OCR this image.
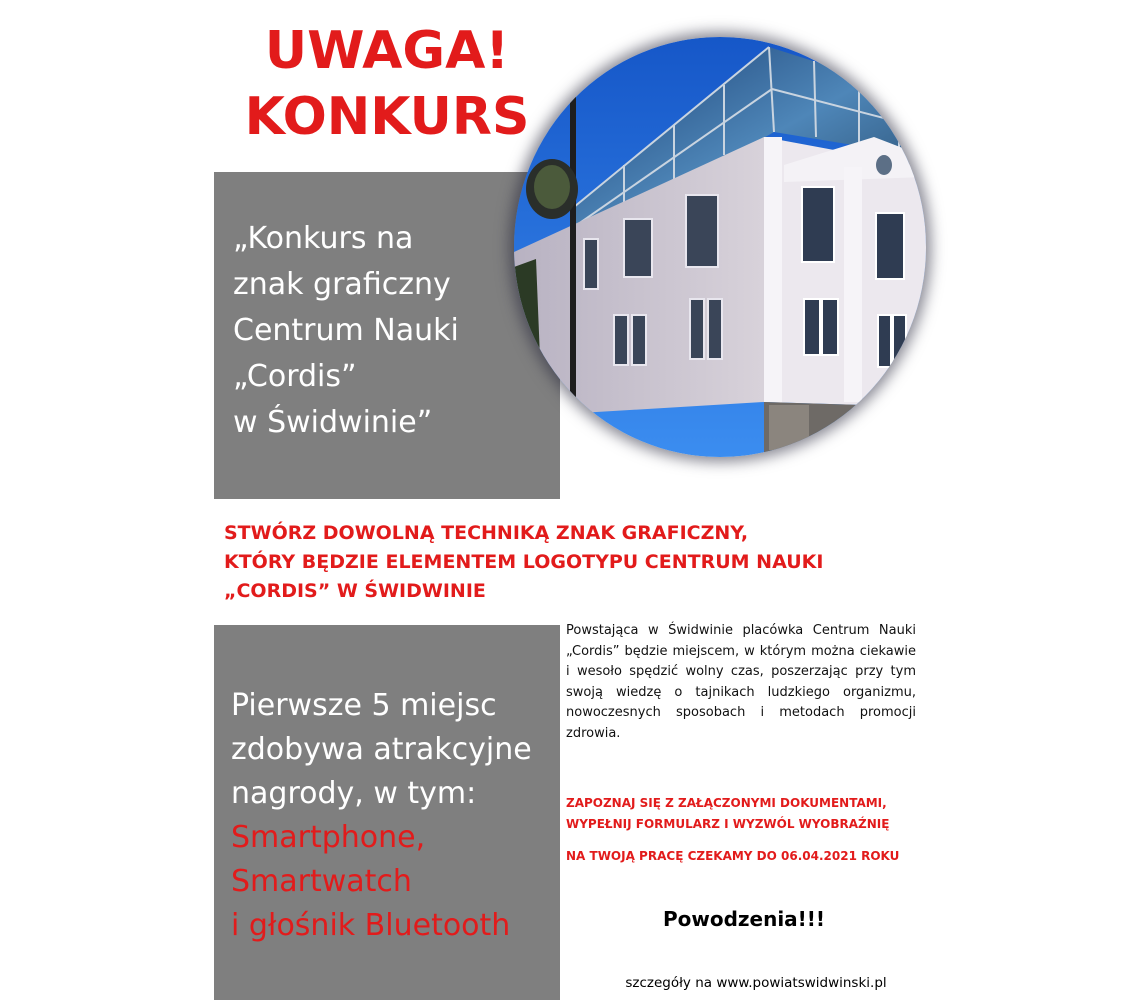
UWAGA!
KONKURS

„Konkurs na
znak graficzny
Centrum Nauki
„Cordis”
w Świdwinie”

STWÓRZ DOWOLNĄ TECHNIKĄ ZNAK GRAFICZNY,

KTÓRY BĘDZIE ELEMENTEM LOGOTYPU CENTRUM NAUKI

„CORDIS” W ŚWIDWINIE

Pierwsze 5 miejsc
zdobywa atrakcyjne
nagrody, w tym:
Smartphone,
Smartwatch
i głośnik Bluetooth

Powstająca w Świdwinie placówka Centrum Nauki „Cordis” będzie miejscem, w którym można ciekawie i wesoło spędzić wolny czas, poszerzając przy tym swoją wiedzę o tajnikach ludzkiego organizmu, nowoczesnych sposobach i metodach promocji zdrowia.

ZAPOZNAJ SIĘ Z ZAŁĄCZONYMI DOKUMENTAMI,
WYPEŁNIJ FORMULARZ I WYZWÓL WYOBRAŹNIĘ

NA TWOJĄ PRACĘ CZEKAMY DO 06.04.2021 ROKU

Powodzenia!!!
szczegóły na www.powiatswidwinski.pl
